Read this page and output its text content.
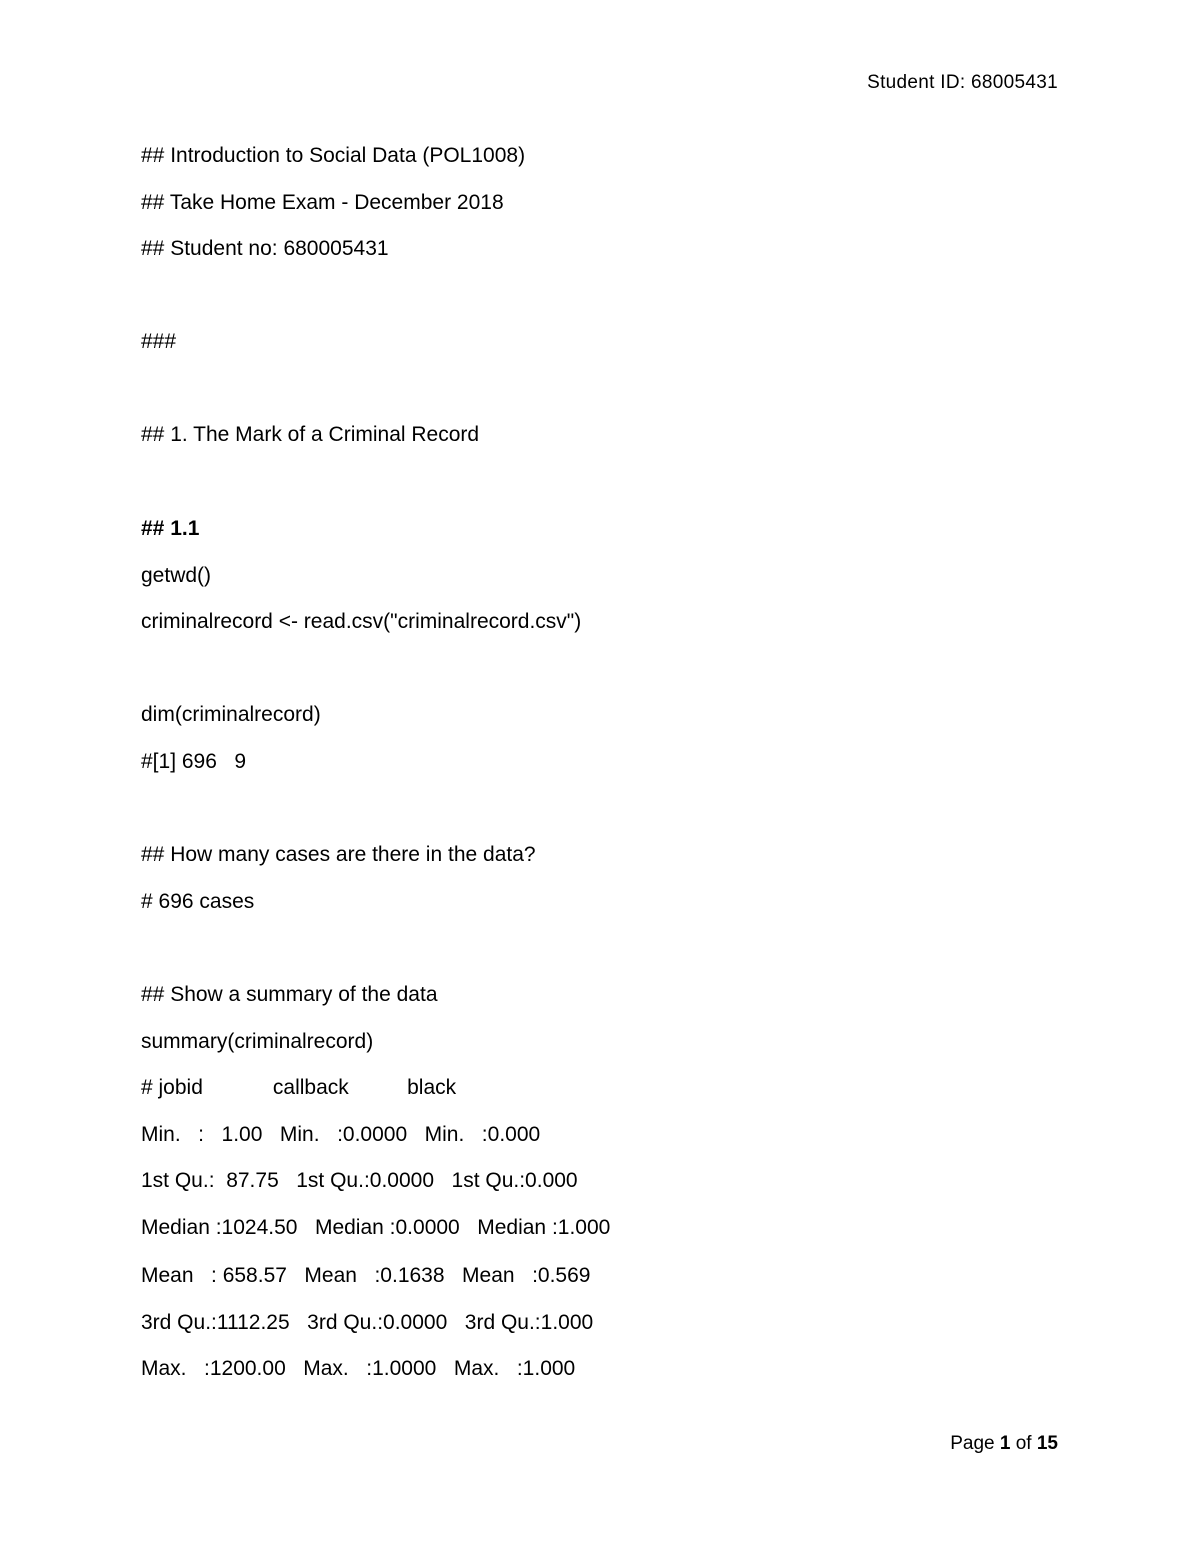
Student ID: 68005431
## Introduction to Social Data (POL1008)
## Take Home Exam - December 2018
## Student no: 680005431
###
## 1. The Mark of a Criminal Record
## 1.1
getwd()
criminalrecord <- read.csv("criminalrecord.csv")
dim(criminalrecord)
#[1] 696   9
## How many cases are there in the data?
# 696 cases
## Show a summary of the data
summary(criminalrecord)
# jobid            callback          black
Min.   :   1.00   Min.   :0.0000   Min.   :0.000
1st Qu.:  87.75   1st Qu.:0.0000   1st Qu.:0.000
Median :1024.50   Median :0.0000   Median :1.000
Mean   : 658.57   Mean   :0.1638   Mean   :0.569
3rd Qu.:1112.25   3rd Qu.:0.0000   3rd Qu.:1.000
Max.   :1200.00   Max.   :1.0000   Max.   :1.000
Page 1 of 15
